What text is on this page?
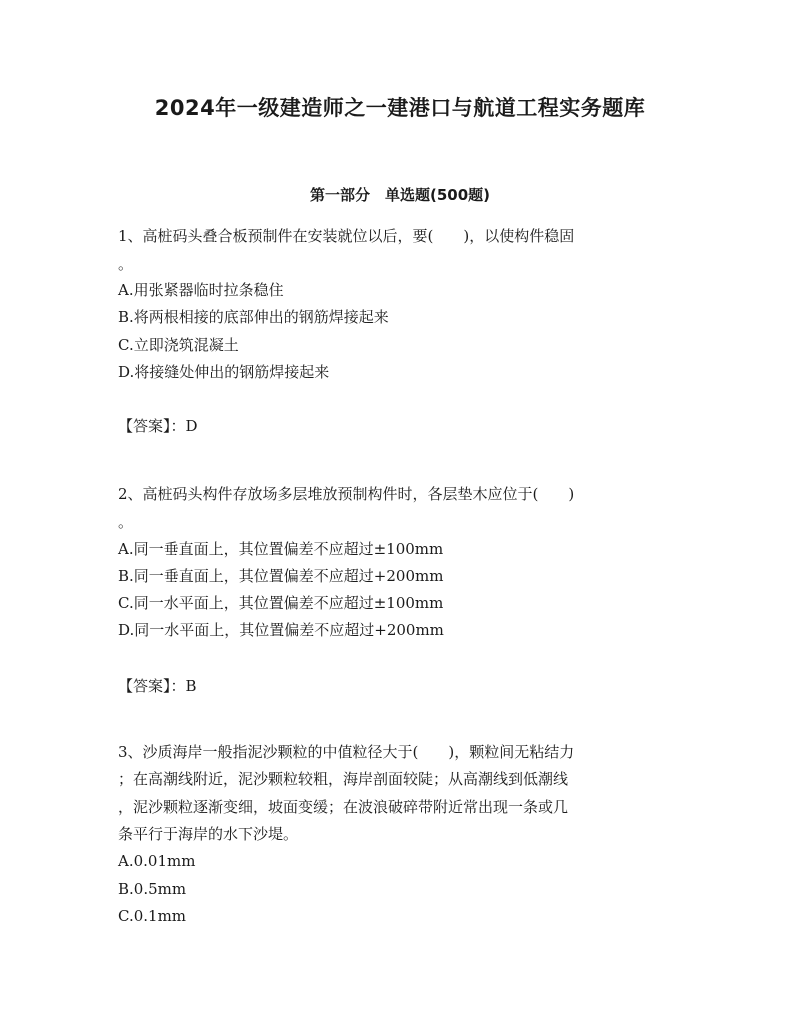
2024年一级建造师之一建港口与航道工程实务题库
第一部分　单选题(500题)
1、高桩码头叠合板预制件在安装就位以后，要(　　)，以使构件稳固
。
A.用张紧器临时拉条稳住
B.将两根相接的底部伸出的钢筋焊接起来
C.立即浇筑混凝土
D.将接缝处伸出的钢筋焊接起来
【答案】：D
2、高桩码头构件存放场多层堆放预制构件时，各层垫木应位于(　　)
。
A.同一垂直面上，其位置偏差不应超过±100mm
B.同一垂直面上，其位置偏差不应超过+200mm
C.同一水平面上，其位置偏差不应超过±100mm
D.同一水平面上，其位置偏差不应超过+200mm
【答案】：B
3、沙质海岸一般指泥沙颗粒的中值粒径大于(　　)，颗粒间无粘结力
；在高潮线附近，泥沙颗粒较粗，海岸剖面较陡；从高潮线到低潮线
，泥沙颗粒逐渐变细，坡面变缓；在波浪破碎带附近常出现一条或几
条平行于海岸的水下沙堤。
A.0.01mm
B.0.5mm
C.0.1mm
